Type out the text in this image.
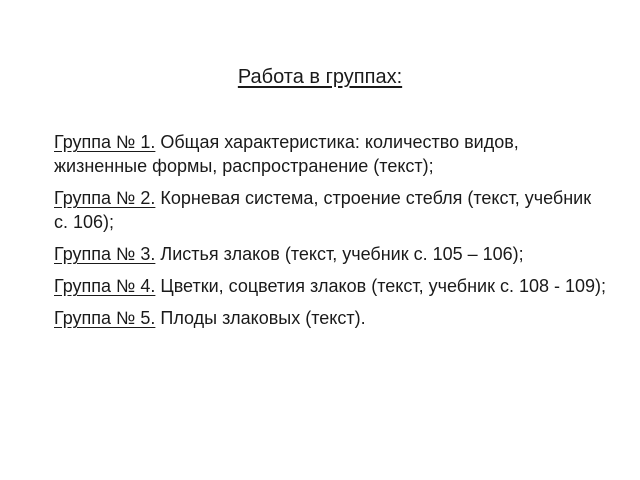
Работа в группах:

Группа № 1. Общая характеристика: количество видов, жизненные формы, распространение (текст);

Группа № 2. Корневая система, строение стебля (текст, учебник с. 106);

Группа № 3. Листья злаков (текст, учебник с. 105 – 106);

Группа № 4. Цветки, соцветия злаков (текст, учебник с. 108 - 109);

Группа № 5. Плоды злаковых (текст).
